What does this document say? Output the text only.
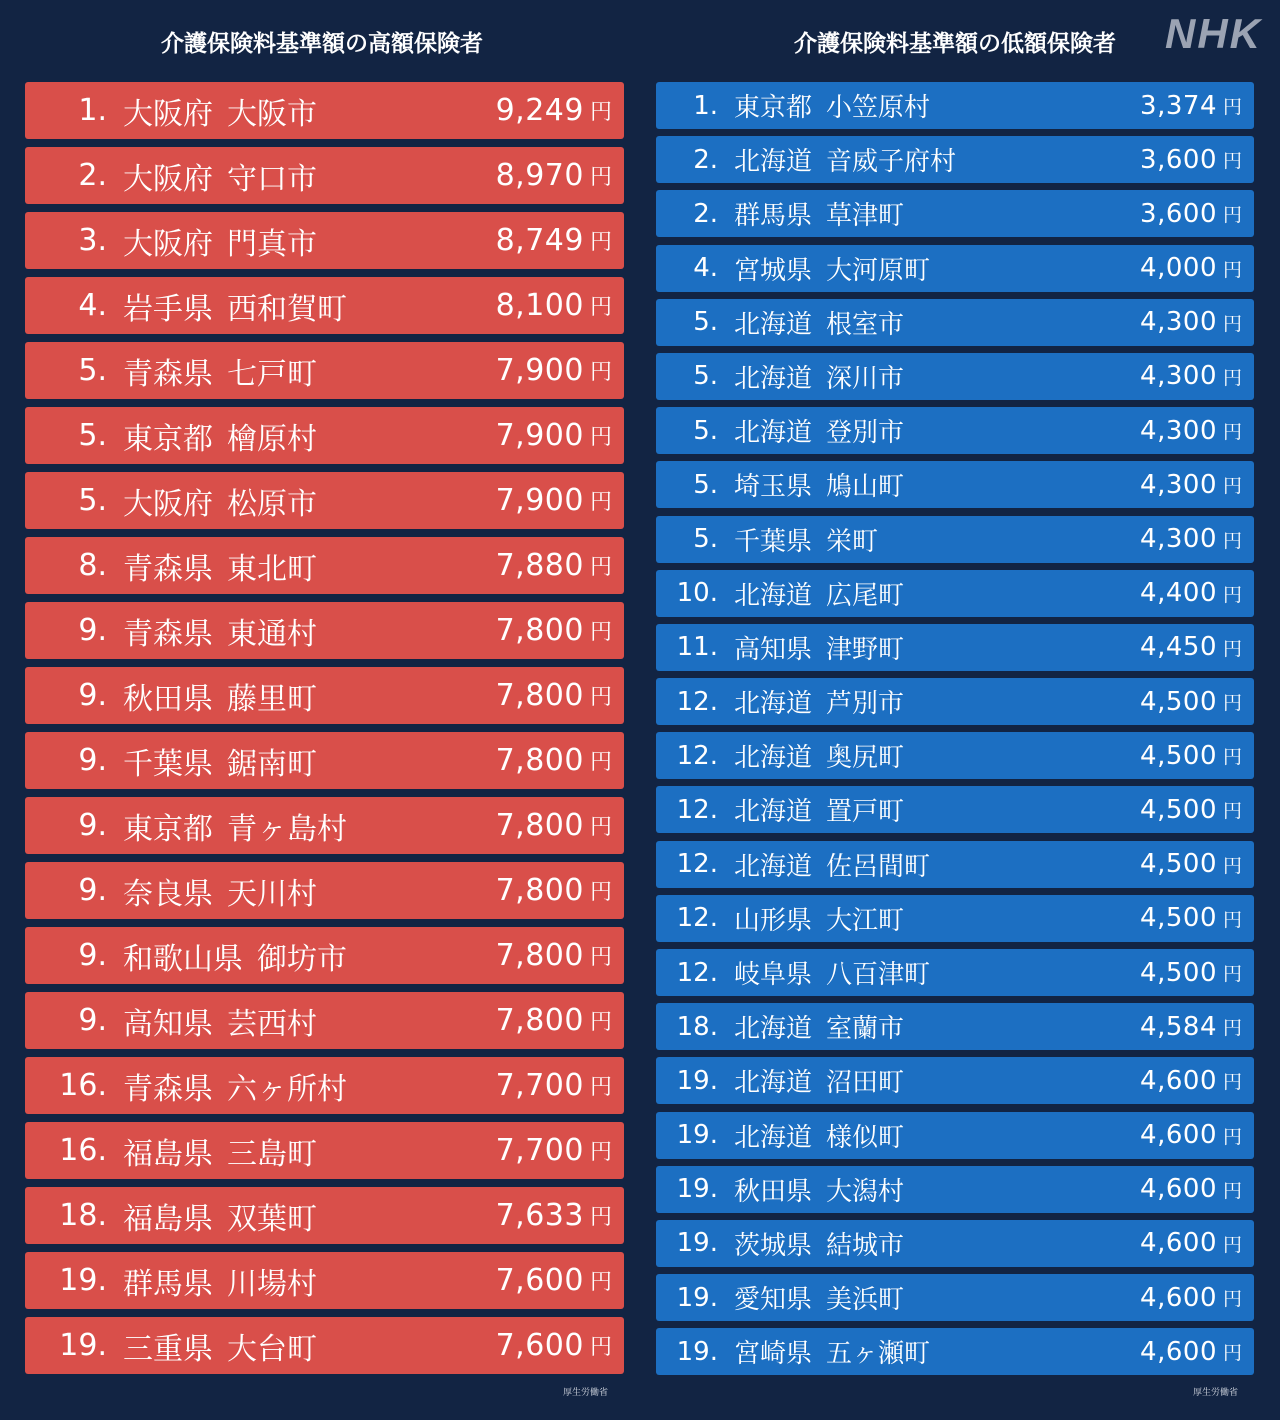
介護保険料基準額の高額保険者
1. 大阪府 大阪市	9,249 円
2. 大阪府 守口市	8,970 円
3. 大阪府 門真市	8,749 円
4. 岩手県 西和賀町	8,100 円
5. 青森県 七戸町	7,900 円
5. 東京都 檜原村	7,900 円
5. 大阪府 松原市	7,900 円
8. 青森県 東北町	7,880 円
9. 青森県 東通村	7,800 円
9. 秋田県 藤里町	7,800 円
9. 千葉県 鋸南町	7,800 円
9. 東京都 青ヶ島村	7,800 円
9. 奈良県 天川村	7,800 円
9. 和歌山県 御坊市	7,800 円
9. 高知県 芸西村	7,800 円
16. 青森県 六ヶ所村	7,700 円
16. 福島県 三島町	7,700 円
18. 福島県 双葉町	7,633 円
19. 群馬県 川場村	7,600 円
19. 三重県 大台町	7,600 円
介護保険料基準額の低額保険者
1. 東京都 小笠原村	3,374 円
2. 北海道 音威子府村	3,600 円
2. 群馬県 草津町	3,600 円
4. 宮城県 大河原町	4,000 円
5. 北海道 根室市	4,300 円
5. 北海道 深川市	4,300 円
5. 北海道 登別市	4,300 円
5. 埼玉県 鳩山町	4,300 円
5. 千葉県 栄町	4,300 円
10. 北海道 広尾町	4,400 円
11. 高知県 津野町	4,450 円
12. 北海道 芦別市	4,500 円
12. 北海道 奥尻町	4,500 円
12. 北海道 置戸町	4,500 円
12. 北海道 佐呂間町	4,500 円
12. 山形県 大江町	4,500 円
12. 岐阜県 八百津町	4,500 円
18. 北海道 室蘭市	4,584 円
19. 北海道 沼田町	4,600 円
19. 北海道 様似町	4,600 円
19. 秋田県 大潟村	4,600 円
19. 茨城県 結城市	4,600 円
19. 愛知県 美浜町	4,600 円
19. 宮崎県 五ヶ瀬町	4,600 円
厚生労働省	厚生労働省
NHK
